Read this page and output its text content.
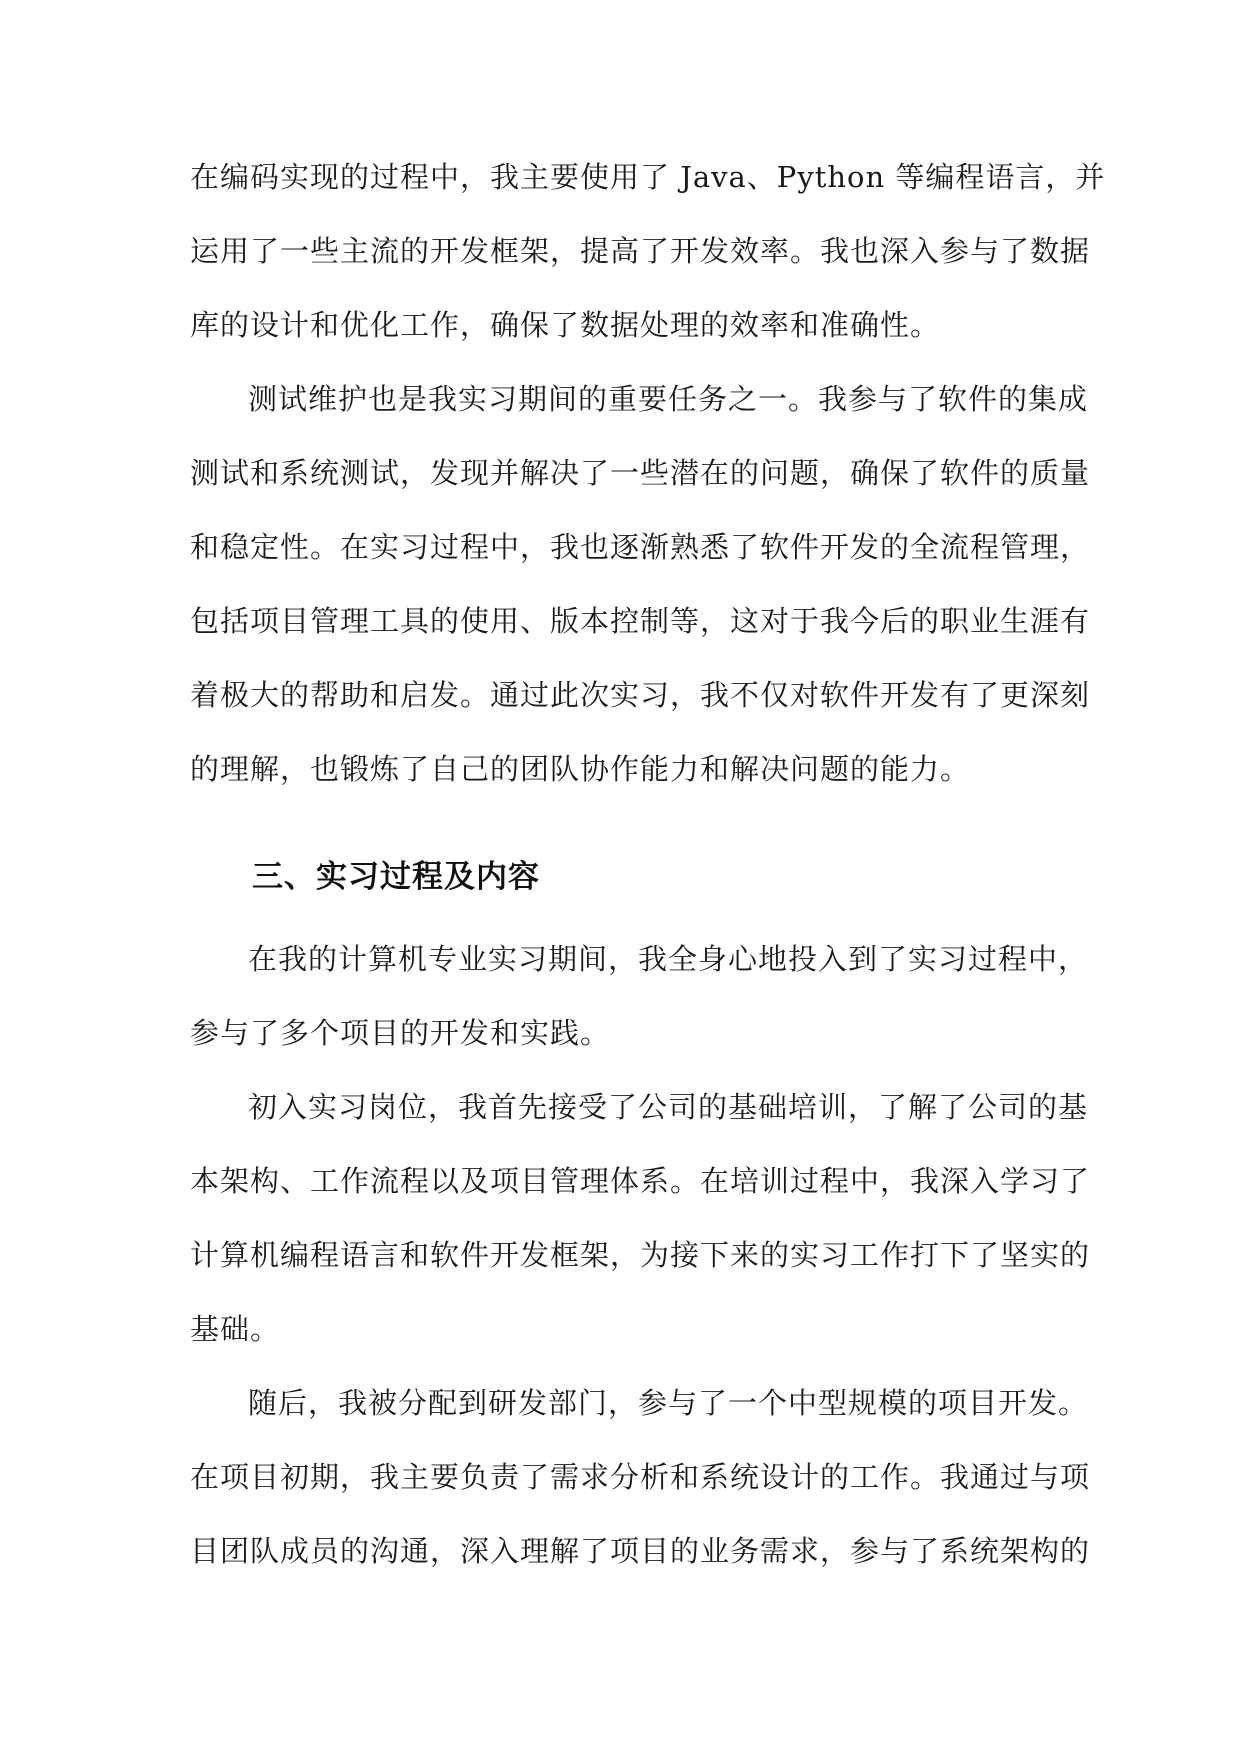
在编码实现的过程中，我主要使用了 Java、Python 等编程语言，并
运用了一些主流的开发框架，提高了开发效率。我也深入参与了数据
库的设计和优化工作，确保了数据处理的效率和准确性。
测试维护也是我实习期间的重要任务之一。我参与了软件的集成
测试和系统测试，发现并解决了一些潜在的问题，确保了软件的质量
和稳定性。在实习过程中，我也逐渐熟悉了软件开发的全流程管理，
包括项目管理工具的使用、版本控制等，这对于我今后的职业生涯有
着极大的帮助和启发。通过此次实习，我不仅对软件开发有了更深刻
的理解，也锻炼了自己的团队协作能力和解决问题的能力。
三、实习过程及内容
在我的计算机专业实习期间，我全身心地投入到了实习过程中，
参与了多个项目的开发和实践。
初入实习岗位，我首先接受了公司的基础培训，了解了公司的基
本架构、工作流程以及项目管理体系。在培训过程中，我深入学习了
计算机编程语言和软件开发框架，为接下来的实习工作打下了坚实的
基础。
随后，我被分配到研发部门，参与了一个中型规模的项目开发。
在项目初期，我主要负责了需求分析和系统设计的工作。我通过与项
目团队成员的沟通，深入理解了项目的业务需求，参与了系统架构的
